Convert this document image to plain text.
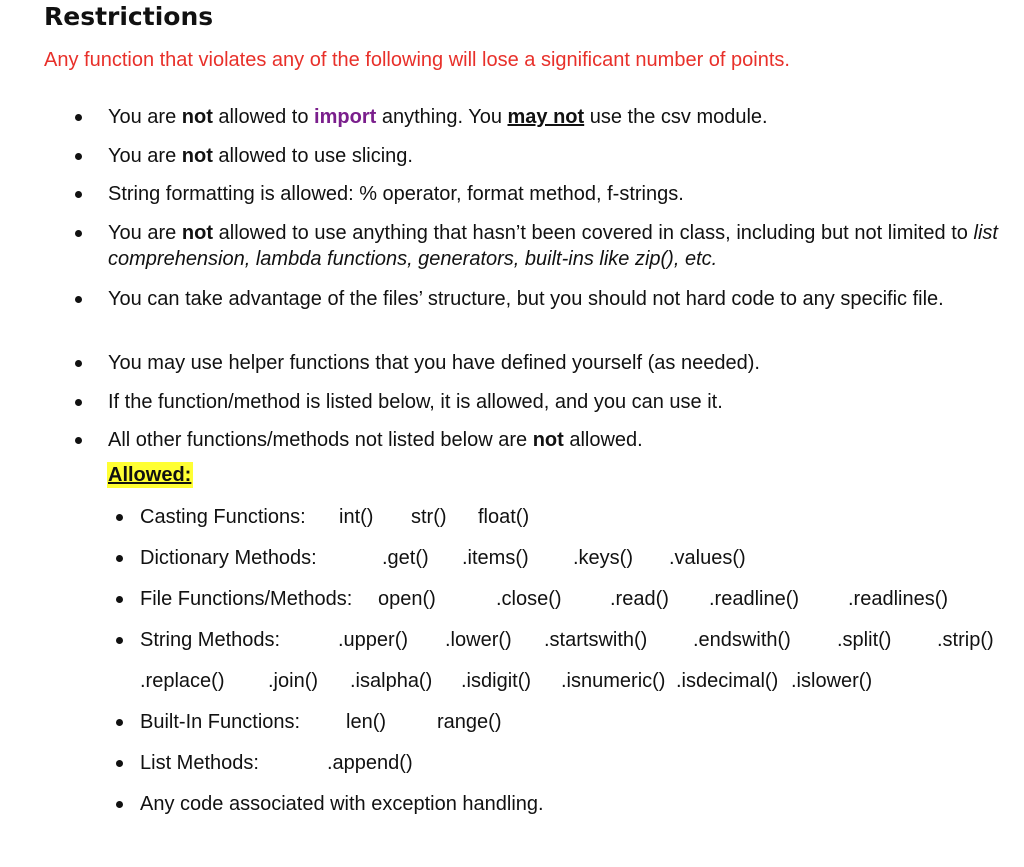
Restrictions
Any function that violates any of the following will lose a significant number of points.
You are not allowed to import anything. You may not use the csv module.
You are not allowed to use slicing.
String formatting is allowed: % operator, format method, f-strings.
You are not allowed to use anything that hasn’t been covered in class, including but not limited to list comprehension, lambda functions, generators, built-ins like zip(), etc.
You can take advantage of the files’ structure, but you should not hard code to any specific file.
You may use helper functions that you have defined yourself (as needed).
If the function/method is listed below, it is allowed, and you can use it.
All other functions/methods not listed below are not allowed.
Allowed:
Casting Functions:	str()
int()	float()
Dictionary Methods:	.get() .items() .keys() .values()
File Functions/Methods: open()	.close() .read() .readline() .readlines()
String Methods:	.upper() .lower() .startswith() .endswith() .split() .strip()
.replace() .join() .isalpha() .isdigit() .isnumeric() .isdecimal() .islower()
Built-In Functions: len()	range()
List Methods:	.append()
Any code associated with exception handling.
